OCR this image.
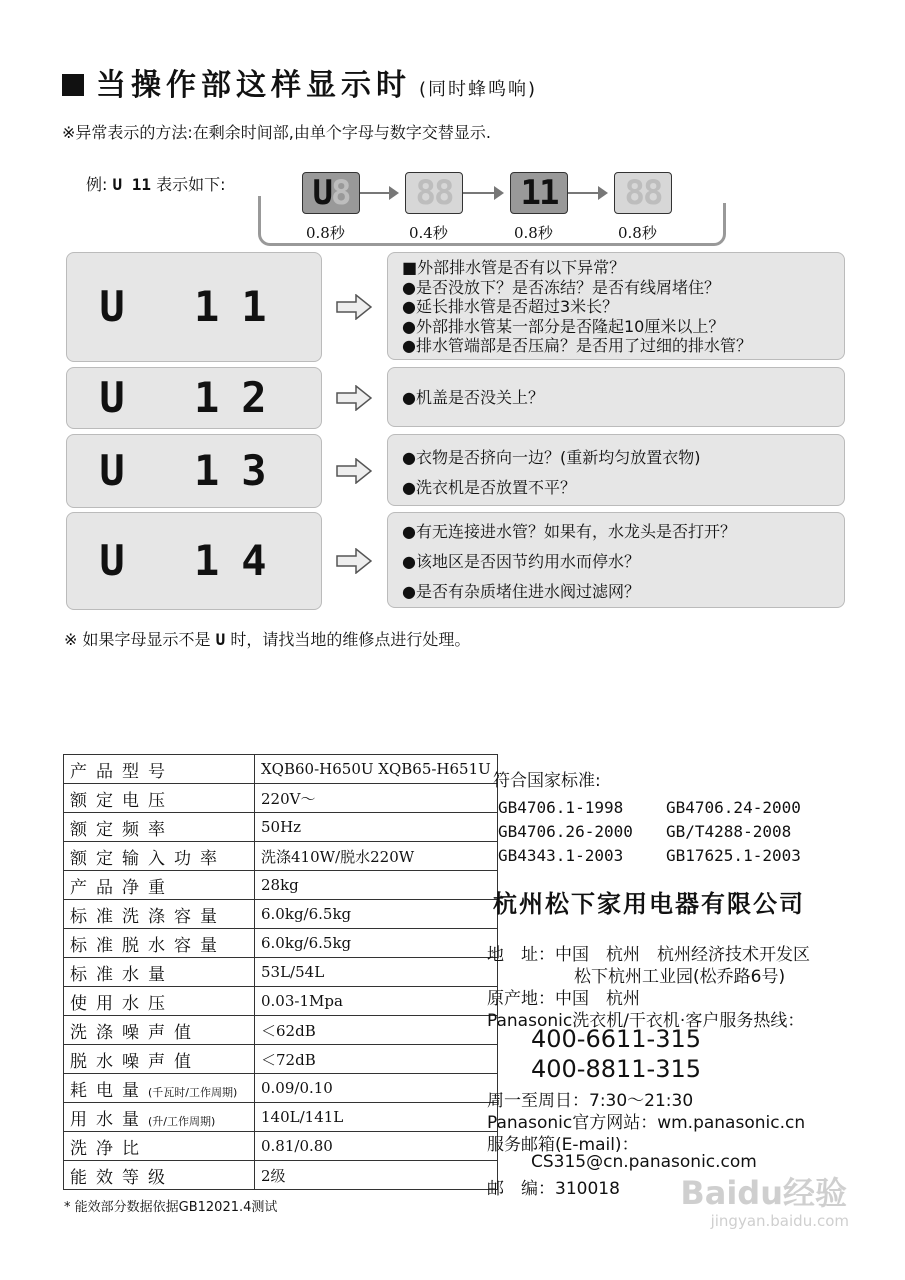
当操作部这样显示时 (同时蜂鸣响)
※异常表示的方法:在剩余时间部,由单个字母与数字交替显示.
例: U 11 表示如下:	U8
0.8秒
88
0.4秒
11
0.8秒
88
0.8秒
U 11
■外部排水管是否有以下异常？
●是否没放下？是否冻结？是否有线屑堵住？
●延长排水管是否超过3米长？
●外部排水管某一部分是否隆起10厘米以上？
●排水管端部是否压扁？是否用了过细的排水管？
U 12	●机盖是否没关上？
U 13	●衣物是否挤向一边？(重新均匀放置衣物)
●洗衣机是否放置不平？
U 14
●有无连接进水管？如果有，水龙头是否打开？
●该地区是否因节约用水而停水？
●是否有杂质堵住进水阀过滤网？
※ 如果字母显示不是 U 时，请找当地的维修点进行处理。
产品型号	XQB60-H650U XQB65-H651U
额定电压	220V～
额定频率	50Hz
额定输入功率	洗涤410W/脱水220W
产品净重	28kg
标准洗涤容量	6.0kg/6.5kg
标准脱水容量	6.0kg/6.5kg
标准水量	53L/54L
使用水压	0.03-1Mpa
洗涤噪声值	＜62dB
脱水噪声值	＜72dB
耗电量(千瓦时/工作周期)	0.09/0.10
用水量(升/工作周期)	140L/141L
洗净比	0.81/0.80
能效等级	2级
* 能效部分数据依据GB12021.4测试
符合国家标准:
GB4706.1-1998	GB4706.24-2000
GB4706.26-2000 GB/T4288-2008
GB4343.1-2003	GB17625.1-2003
杭州松下家用电器有限公司
地　址：中国　杭州　杭州经济技术开发区
松下杭州工业园(松乔路6号)
原产地：中国　杭州
Panasonic洗衣机/干衣机·客户服务热线：
400-6611-315
400-8811-315
周一至周日：7:30～21:30
Panasonic官方网站：wm.panasonic.cn
服务邮箱(E-mail)：
CS315@cn.panasonic.com
邮　编：310018 Baidu经验
jingyan.baidu.com
